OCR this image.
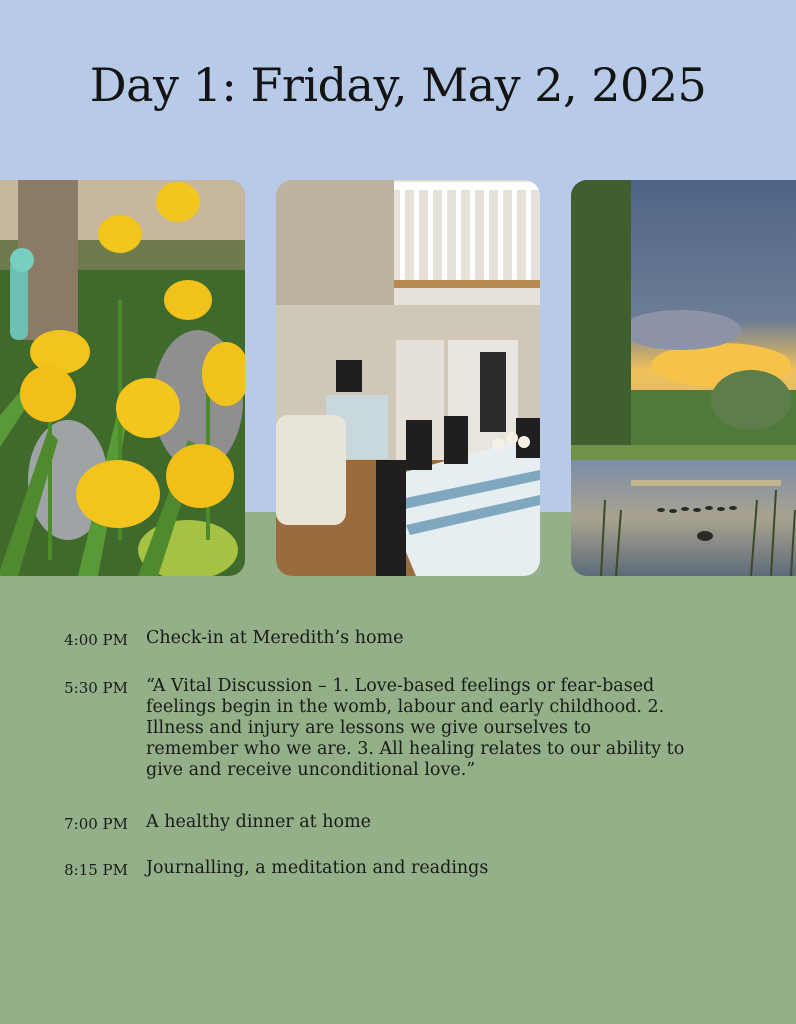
Day 1: Friday, May 2, 2025
4:00 PM Check-in at Meredith’s home
5:30 PM “A Vital Discussion – 1. Love-based feelings or fear-based feelings begin in the womb, labour and early childhood. 2. Illness and injury are lessons we give ourselves to remember who we are. 3. All healing relates to our ability to give and receive unconditional love.”
7:00 PM A healthy dinner at home
8:15 PM Journalling, a meditation and readings
